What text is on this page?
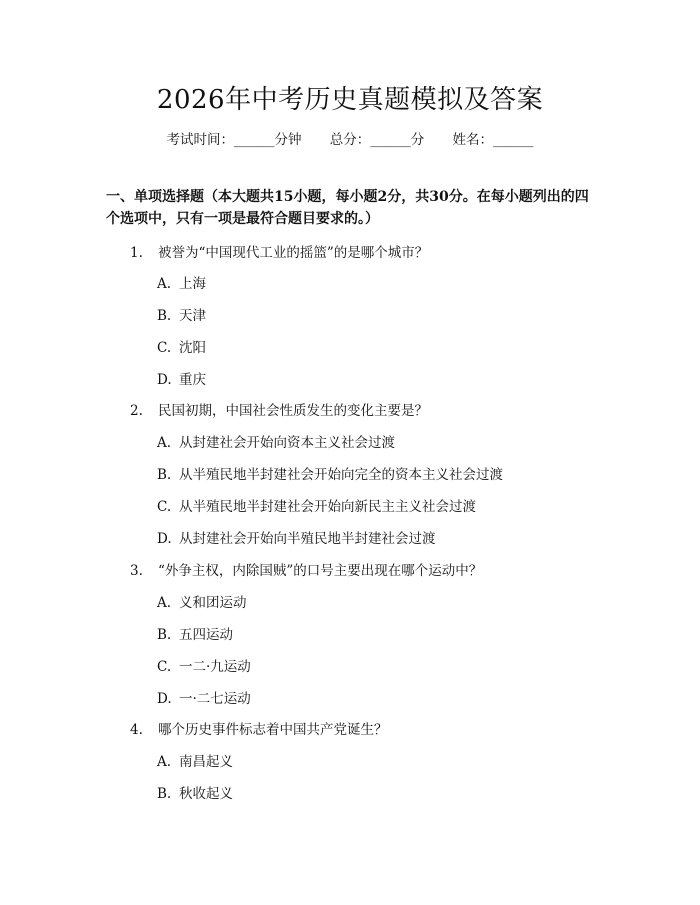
2026年中考历史真题模拟及答案
考试时间：______分钟 总分：______分 姓名：______
一、单项选择题（本大题共15小题，每小题2分，共30分。在每小题列出的四
个选项中，只有一项是最符合题目要求的。）
1. 被誉为“中国现代工业的摇篮”的是哪个城市？
A. 上海
B. 天津
C. 沈阳
D. 重庆
2. 民国初期，中国社会性质发生的变化主要是？
A. 从封建社会开始向资本主义社会过渡
B. 从半殖民地半封建社会开始向完全的资本主义社会过渡
C. 从半殖民地半封建社会开始向新民主主义社会过渡
D. 从封建社会开始向半殖民地半封建社会过渡
3. “外争主权，内除国贼”的口号主要出现在哪个运动中？
A. 义和团运动
B. 五四运动
C. 一二·九运动
D. 一·二七运动
4. 哪个历史事件标志着中国共产党诞生？
A. 南昌起义
B. 秋收起义
